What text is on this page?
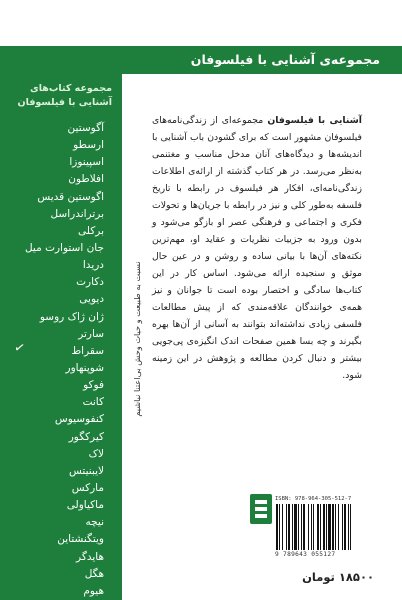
مجموعه‌ی آشنایی با فیلسوفان
مجموعه کتاب‌های
آشنایی با فیلسوفان
آگوستین
ارسطو
اسپینوزا
افلاطون
اگوستین قدیس
برتراندراسل
برکلی
جان استوارت میل
دریدا
دکارت
دیویی
ژان ژاک روسو
سارتر
✓	سقراط
شوپنهاور
فوکو
کانت
کنفوسیوس
کیرکگور
لاک
لایبنیتس
مارکس
ماکیاولی
نیچه
ویتگنشتاین
هایدگر
هگل
هیوم
نسبت به طبیعت و حیات وحش بی‌اعتنا نباشیم
آشنایی با فیلسوفان مجموعه‌ای از زندگی‌نامه‌های فیلسوفان مشهور است که برای گشودن باب آشنایی با اندیشه‌ها و دیدگاه‌های آنان مدخل مناسب و مغتنمی به‌نظر می‌رسد. در هر کتاب گذشته از ارائه‌ی اطلاعات زندگی‌نامه‌ای، افکار هر فیلسوف در رابطه با تاریخ فلسفه به‌طور کلی و نیز در رابطه با جریان‌ها و تحولات فکری و اجتماعی و فرهنگی عصر او بازگو می‌شود و بدون ورود به جزییات نظریات و عقاید او، مهم‌ترین نکته‌های آن‌ها با بیانی ساده و روشن و در عین حال موثق و سنجیده ارائه می‌شود. اساس کار در این کتاب‌ها سادگی و اختصار بوده است تا جوانان و نیز همه‌ی خوانندگان علاقه‌مندی که از پیش مطالعات فلسفی زیادی نداشته‌اند بتوانند به آسانی از آن‌ها بهره بگیرند و چه بسا همین صفحات اندک انگیزه‌ی پی‌جویی بیشتر و دنبال کردن مطالعه و پژوهش در این زمینه شود.
ISBN: 978-964-305-512-7
9 789643 055127
۱۸۵۰۰ تومان
